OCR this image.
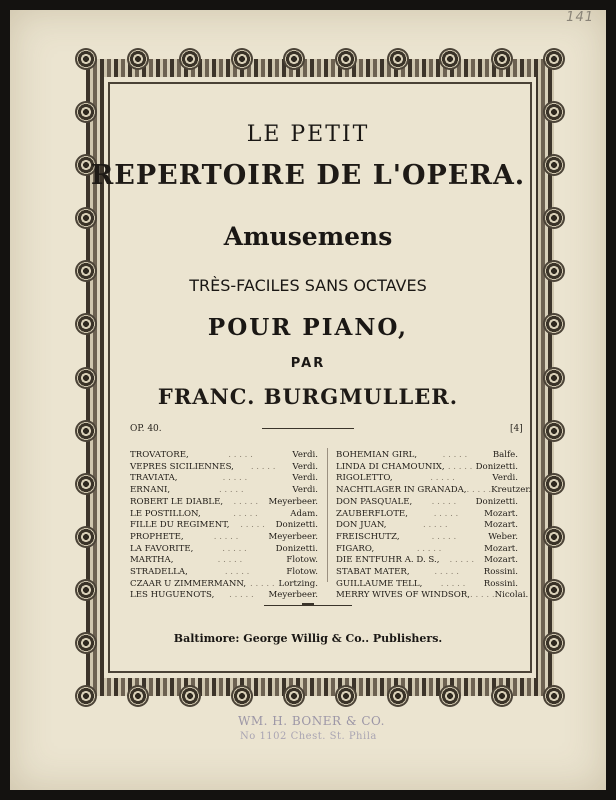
141
LE PETIT
REPERTOIRE DE L'OPERA.
Amusemens
TRÈS-FACILES SANS OCTAVES
POUR PIANO,
PAR
FRANC. BURGMULLER.
OP. 40.	[4]
TROVATORE,	. . . . .	Verdi.
VEPRES SICILIENNES,	. . . . .	Verdi.
TRAVIATA,	. . . . .	Verdi.
ERNANI,	. . . . .	Verdi.
ROBERT LE DIABLE,	. . . . .	Meyerbeer.
LE POSTILLON,	. . . . .	Adam.
FILLE DU REGIMENT,	. . . . .	Donizetti.
PROPHETE,	. . . . .	Meyerbeer.
LA FAVORITE,	. . . . .	Donizetti.
MARTHA,	. . . . .	Flotow.
STRADELLA,	. . . . .	Flotow.
CZAAR U ZIMMERMANN, . . . . . Lortzing.
LES HUGUENOTS,	. . . . .	Meyerbeer.
BOHEMIAN GIRL,	. . . . .	Balfe.
LINDA DI CHAMOUNIX, . . . . . Donizetti.
RIGOLETTO,	. . . . .	Verdi.
NACHTLAGER IN GRANADA, . . . . . Kreutzer.
DON PASQUALE,	. . . . .	Donizetti.
ZAUBERFLOTE,	. . . . .	Mozart.
DON JUAN,	. . . . .	Mozart.
FREISCHUTZ,	. . . . .	Weber.
FIGARO,	. . . . .	Mozart.
DIE ENTFUHR A. D. S.,	. . . . .	Mozart.
STABAT MATER,	. . . . .	Rossini.
GUILLAUME TELL,	. . . . .	Rossini.
MERRY WIVES OF WINDSOR, . . . . . Nicolai.
Baltimore: George Willig & Co.. Publishers.
WM. H. BONER & CO.
No 1102 Chest. St. Phila
